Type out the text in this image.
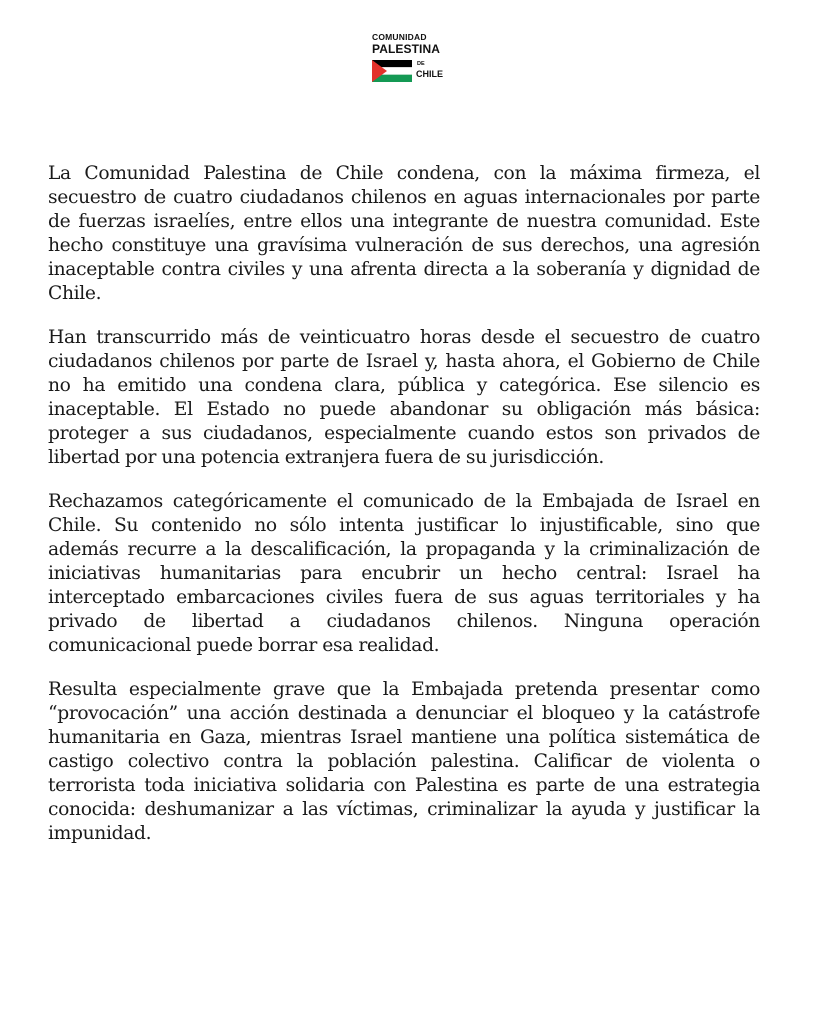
COMUNIDAD
PALESTINA
DE
CHILE

La Comunidad Palestina de Chile condena, con la máxima firmeza, el secuestro de cuatro ciudadanos chilenos en aguas internacionales por parte de fuerzas israelíes, entre ellos una integrante de nuestra comunidad. Este hecho constituye una gravísima vulneración de sus derechos, una agresión inaceptable contra civiles y una afrenta directa a la soberanía y dignidad de Chile.

Han transcurrido más de veinticuatro horas desde el secuestro de cuatro ciudadanos chilenos por parte de Israel y, hasta ahora, el Gobierno de Chile no ha emitido una condena clara, pública y categórica. Ese silencio es inaceptable. El Estado no puede abandonar su obligación más básica: proteger a sus ciudadanos, especialmente cuando estos son privados de libertad por una potencia extranjera fuera de su jurisdicción.

Rechazamos categóricamente el comunicado de la Embajada de Israel en Chile. Su contenido no sólo intenta justificar lo injustificable, sino que además recurre a la descalificación, la propaganda y la criminalización de iniciativas humanitarias para encubrir un hecho central: Israel ha interceptado embarcaciones civiles fuera de sus aguas territoriales y ha privado de libertad a ciudadanos chilenos. Ninguna operación comunicacional puede borrar esa realidad.

Resulta especialmente grave que la Embajada pretenda presentar como “provocación” una acción destinada a denunciar el bloqueo y la catástrofe humanitaria en Gaza, mientras Israel mantiene una política sistemática de castigo colectivo contra la población palestina. Calificar de violenta o terrorista toda iniciativa solidaria con Palestina es parte de una estrategia conocida: deshumanizar a las víctimas, criminalizar la ayuda y justificar la impunidad.
